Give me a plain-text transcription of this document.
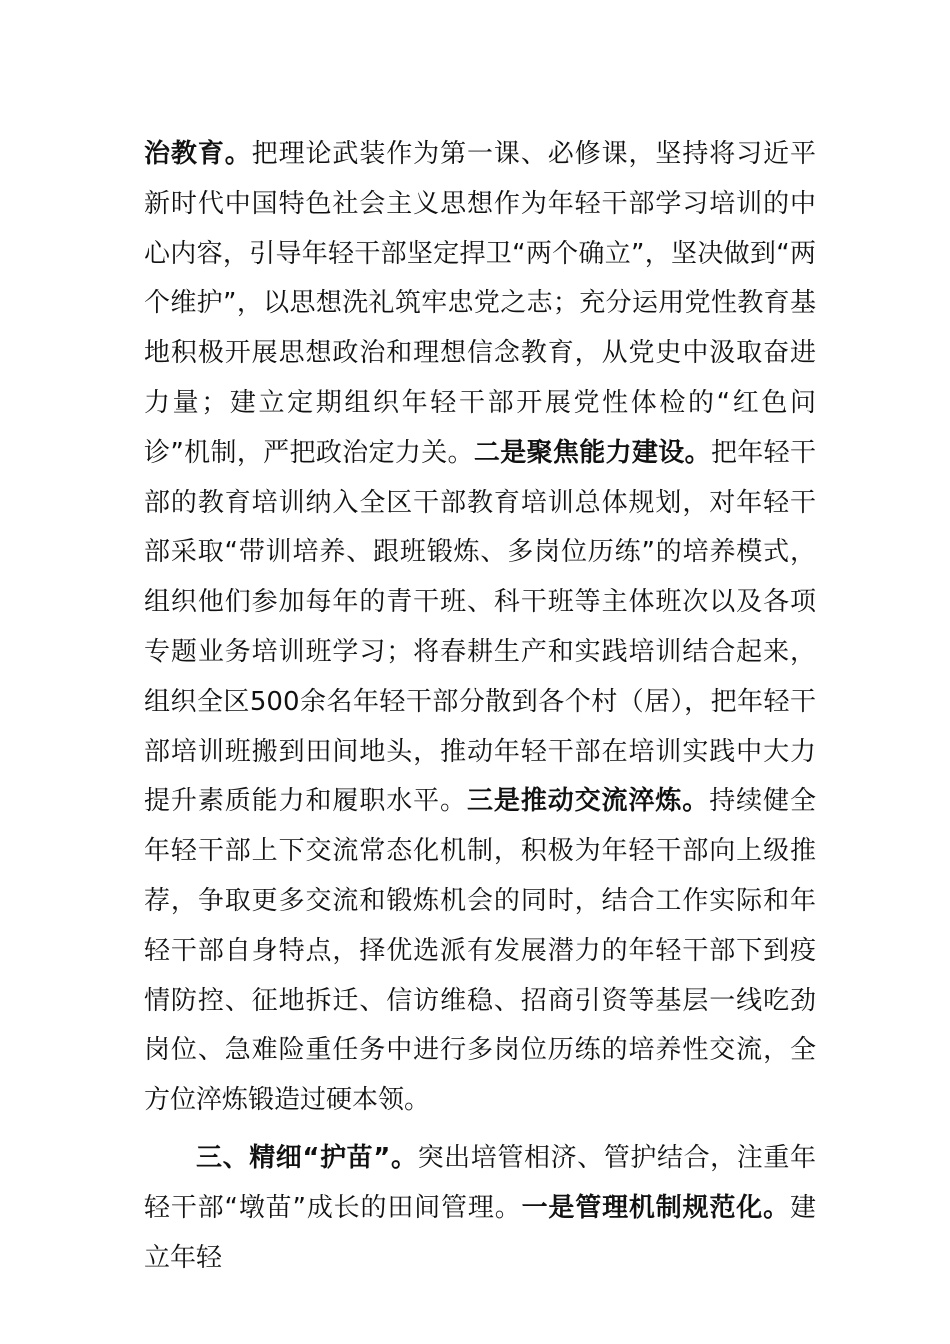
治教育。把理论武装作为第一课、必修课，坚持将习近平新时代中国特色社会主义思想作为年轻干部学习培训的中心内容，引导年轻干部坚定捍卫“两个确立”，坚决做到“两个维护”，以思想洗礼筑牢忠党之志；充分运用党性教育基地积极开展思想政治和理想信念教育，从党史中汲取奋进力量；建立定期组织年轻干部开展党性体检的“红色问诊”机制，严把政治定力关。二是聚焦能力建设。把年轻干部的教育培训纳入全区干部教育培训总体规划，对年轻干部采取“带训培养、跟班锻炼、多岗位历练”的培养模式，组织他们参加每年的青干班、科干班等主体班次以及各项专题业务培训班学习；将春耕生产和实践培训结合起来，组织全区500余名年轻干部分散到各个村（居），把年轻干部培训班搬到田间地头，推动年轻干部在培训实践中大力提升素质能力和履职水平。三是推动交流淬炼。持续健全年轻干部上下交流常态化机制，积极为年轻干部向上级推荐，争取更多交流和锻炼机会的同时，结合工作实际和年轻干部自身特点，择优选派有发展潜力的年轻干部下到疫情防控、征地拆迁、信访维稳、招商引资等基层一线吃劲岗位、急难险重任务中进行多岗位历练的培养性交流，全方位淬炼锻造过硬本领。

三、精细“护苗”。突出培管相济、管护结合，注重年轻干部“墩苗”成长的田间管理。一是管理机制规范化。建立年轻
